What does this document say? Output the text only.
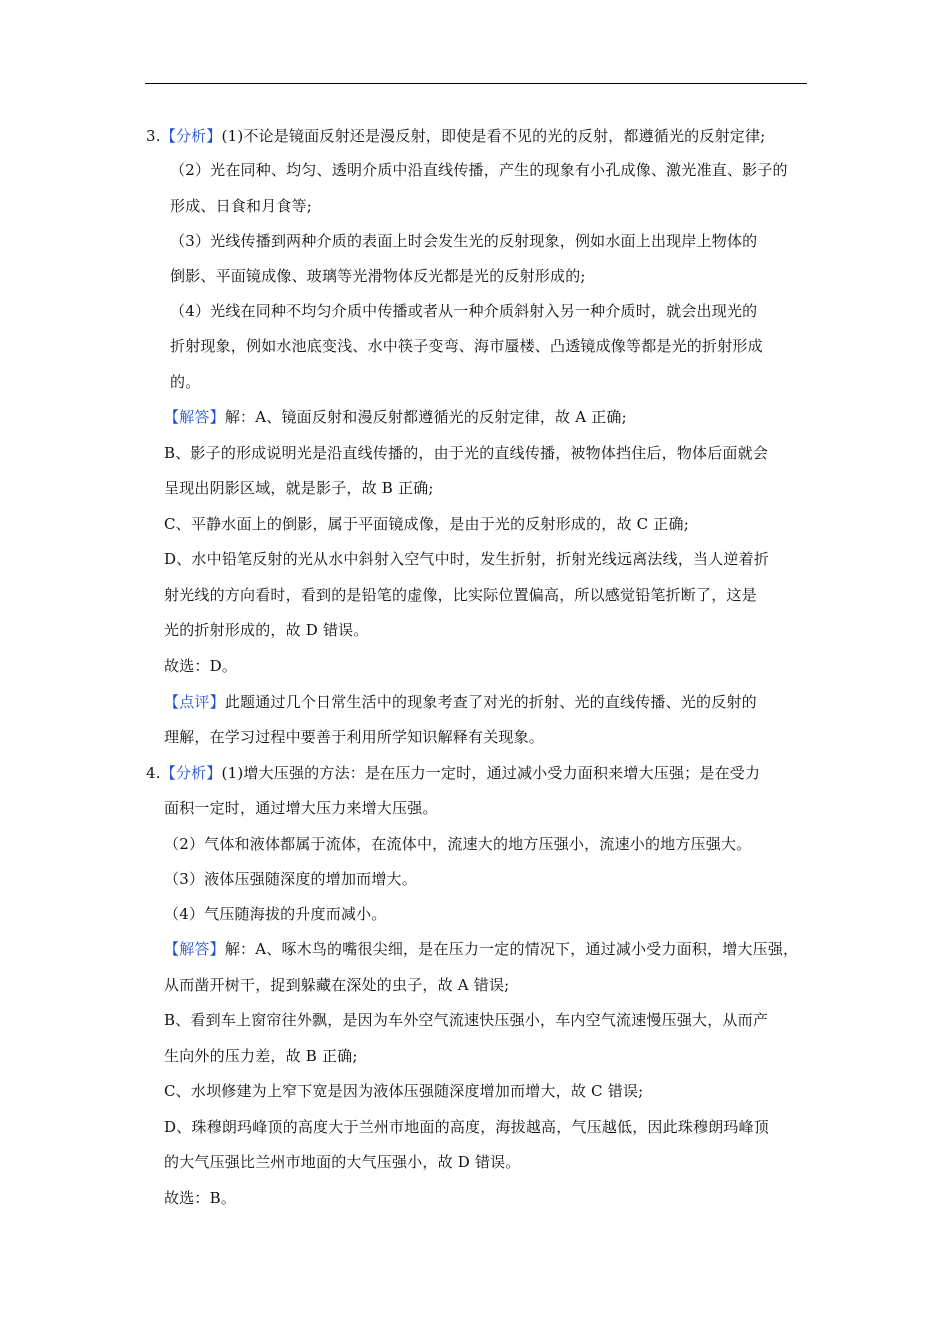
3.【分析】(1)不论是镜面反射还是漫反射，即使是看不见的光的反射，都遵循光的反射定律;
（2）光在同种、均匀、透明介质中沿直线传播，产生的现象有小孔成像、激光准直、影子的
形成、日食和月食等;
（3）光线传播到两种介质的表面上时会发生光的反射现象，例如水面上出现岸上物体的
倒影、平面镜成像、玻璃等光滑物体反光都是光的反射形成的;
（4）光线在同种不均匀介质中传播或者从一种介质斜射入另一种介质时，就会出现光的
折射现象，例如水池底变浅、水中筷子变弯、海市蜃楼、凸透镜成像等都是光的折射形成
的。
【解答】解：A、镜面反射和漫反射都遵循光的反射定律，故 A 正确;
B、影子的形成说明光是沿直线传播的，由于光的直线传播，被物体挡住后，物体后面就会
呈现出阴影区域，就是影子，故 B 正确;
C、平静水面上的倒影，属于平面镜成像，是由于光的反射形成的，故 C 正确;
D、水中铅笔反射的光从水中斜射入空气中时，发生折射，折射光线远离法线，当人逆着折
射光线的方向看时，看到的是铅笔的虚像，比实际位置偏高，所以感觉铅笔折断了，这是
光的折射形成的，故 D 错误。
故选：D。
【点评】此题通过几个日常生活中的现象考查了对光的折射、光的直线传播、光的反射的
理解，在学习过程中要善于利用所学知识解释有关现象。
4.【分析】(1)增大压强的方法：是在压力一定时，通过减小受力面积来增大压强；是在受力
面积一定时，通过增大压力来增大压强。
（2）气体和液体都属于流体，在流体中，流速大的地方压强小，流速小的地方压强大。
（3）液体压强随深度的增加而增大。
（4）气压随海拔的升度而减小。
【解答】解：A、啄木鸟的嘴很尖细，是在压力一定的情况下，通过减小受力面积，增大压强，
从而凿开树干，捉到躲藏在深处的虫子，故 A 错误;
B、看到车上窗帘往外飘，是因为车外空气流速快压强小，车内空气流速慢压强大，从而产
生向外的压力差，故 B 正确;
C、水坝修建为上窄下宽是因为液体压强随深度增加而增大，故 C 错误;
D、珠穆朗玛峰顶的高度大于兰州市地面的高度，海拔越高，气压越低，因此珠穆朗玛峰顶
的大气压强比兰州市地面的大气压强小，故 D 错误。
故选：B。
